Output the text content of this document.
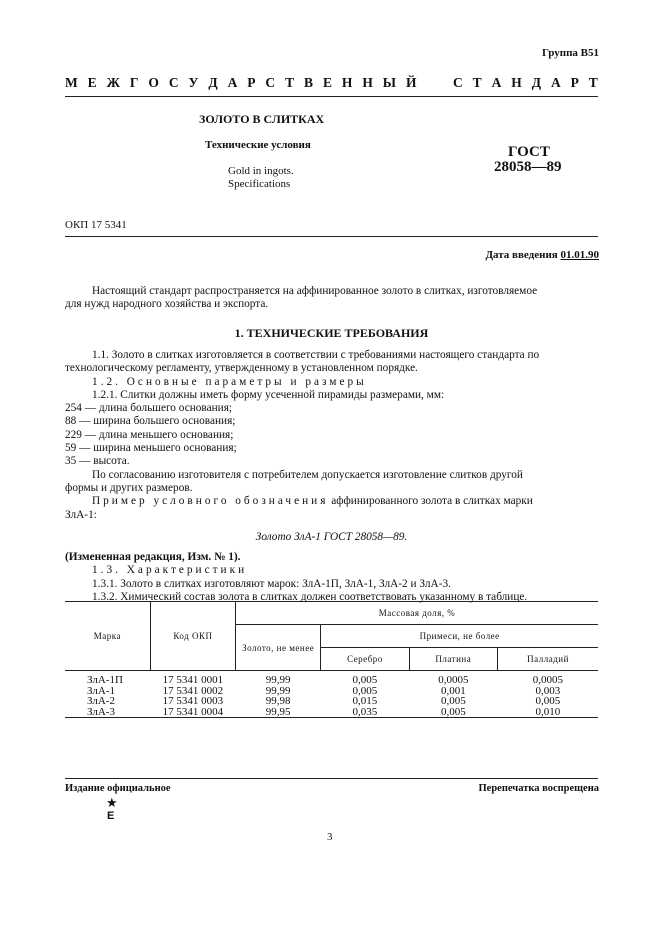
Группа В51
М Е Ж Г О С У Д А Р С Т В Е Н Н Ы Й

	С Т А Н Д А Р Т
ЗОЛОТО В СЛИТКАХ
Технические условия
Gold in ingots.
Specifications
ГОСТ
28058—89
ОКП 17 5341
Дата введения 01.01.90

Настоящий стандарт распространяется на аффинированное золото в слитках, изготовляемое

для нужд народного хозяйства и экспорта.

1. ТЕХНИЧЕСКИЕ ТРЕБОВАНИЯ

1.1. Золото в слитках изготовляется в соответствии с требованиями настоящего стандарта по

технологическому регламенту, утвержденному в установленном порядке.

1.2. Основные параметры и размеры

1.2.1. Слитки должны иметь форму усеченной пирамиды размерами, мм:

254 — длина большего основания;

88 — ширина большего основания;

229 — длина меньшего основания;

59 — ширина меньшего основания;

35 — высота.

По согласованию изготовителя с потребителем допускается изготовление слитков другой

формы и других размеров.

Пример условного обозначения аффинированного золота в слитках марки

ЗлА-1:

Золото ЗлА-1 ГОСТ 28058—89.

(Измененная редакция, Изм. № 1).

1.3. Характеристики

1.3.1. Золото в слитках изготовляют марок: ЗлА-1П, ЗлА-1, ЗлА-2 и ЗлА-3.

1.3.2. Химический состав золота в слитках должен соответствовать указанному в таблице.

Марка	Код ОКП	Массовая доля, %			
		Золото, не менее	Примеси, не более		
			Серебро	Платина	Палладий
ЗлА-1П	17 5341 0001	99,99	0,005	0,0005	0,0005
ЗлА-1	17 5341 0002	99,99	0,005	0,001	0,003
ЗлА-2	17 5341 0003	99,98	0,015	0,005	0,005
ЗлА-3	17 5341 0004	99,95	0,035	0,005	0,010
Издание официальное	Перепечатка воспрещена
★
Е
3
